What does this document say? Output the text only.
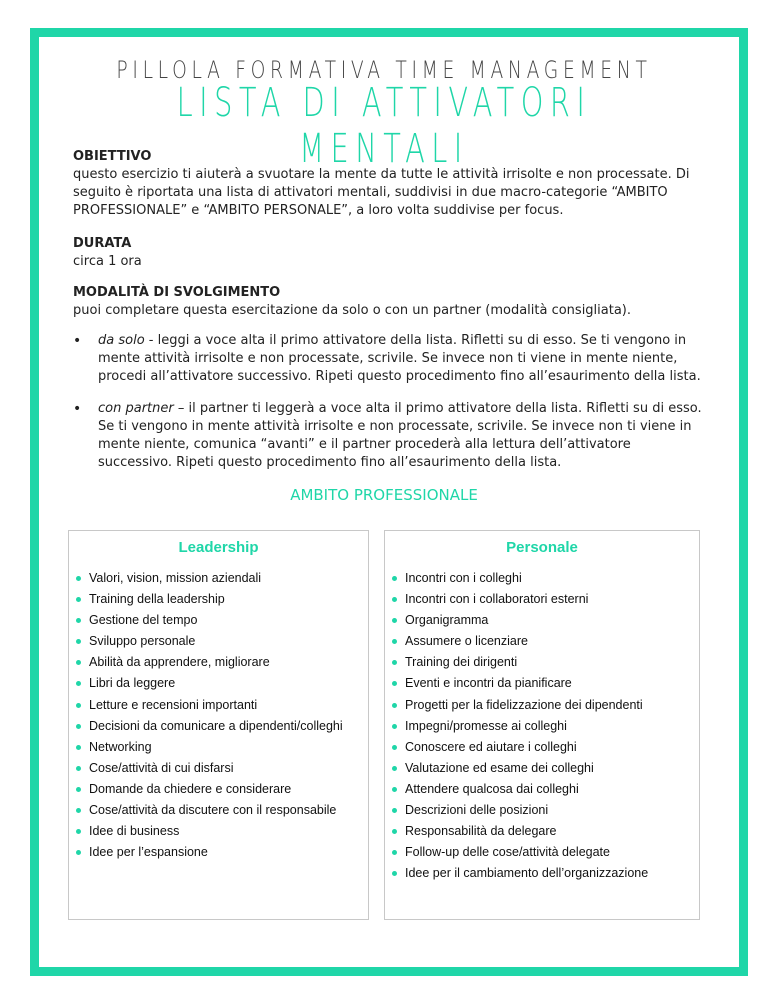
PILLOLA FORMATIVA TIME MANAGEMENT
LISTA DI ATTIVATORI MENTALI
OBIETTIVO
questo esercizio ti aiuterà a svuotare la mente da tutte le attività irrisolte e non processate. Di seguito è riportata una lista di attivatori mentali, suddivisi in due macro-categorie “AMBITO PROFESSIONALE” e “AMBITO PERSONALE”, a loro volta suddivise per focus.
DURATA
circa 1 ora
MODALITÀ DI SVOLGIMENTO
puoi completare questa esercitazione da solo o con un partner (modalità consigliata).
• da solo - leggi a voce alta il primo attivatore della lista. Rifletti su di esso. Se ti vengono in mente attività irrisolte e non processate, scrivile. Se invece non ti viene in mente niente, procedi all’attivatore successivo. Ripeti questo procedimento fino all’esaurimento della lista.
• con partner – il partner ti leggerà a voce alta il primo attivatore della lista. Rifletti su di esso. Se ti vengono in mente attività irrisolte e non processate, scrivile. Se invece non ti viene in mente niente, comunica “avanti” e il partner procederà alla lettura dell’attivatore successivo. Ripeti questo procedimento fino all’esaurimento della lista.
AMBITO PROFESSIONALE
Leadership
Valori, vision, mission aziendali
Training della leadership
Gestione del tempo
Sviluppo personale
Abilità da apprendere, migliorare
Libri da leggere
Letture e recensioni importanti
Decisioni da comunicare a dipendenti/colleghi
Networking
Cose/attività di cui disfarsi
Domande da chiedere e considerare
Cose/attività da discutere con il responsabile
Idee di business
Idee per l’espansione
Personale
Incontri con i colleghi
Incontri con i collaboratori esterni
Organigramma
Assumere o licenziare
Training dei dirigenti
Eventi e incontri da pianificare
Progetti per la fidelizzazione dei dipendenti
Impegni/promesse ai colleghi
Conoscere ed aiutare i colleghi
Valutazione ed esame dei colleghi
Attendere qualcosa dai colleghi
Descrizioni delle posizioni
Responsabilità da delegare
Follow-up delle cose/attività delegate
Idee per il cambiamento dell’organizzazione
